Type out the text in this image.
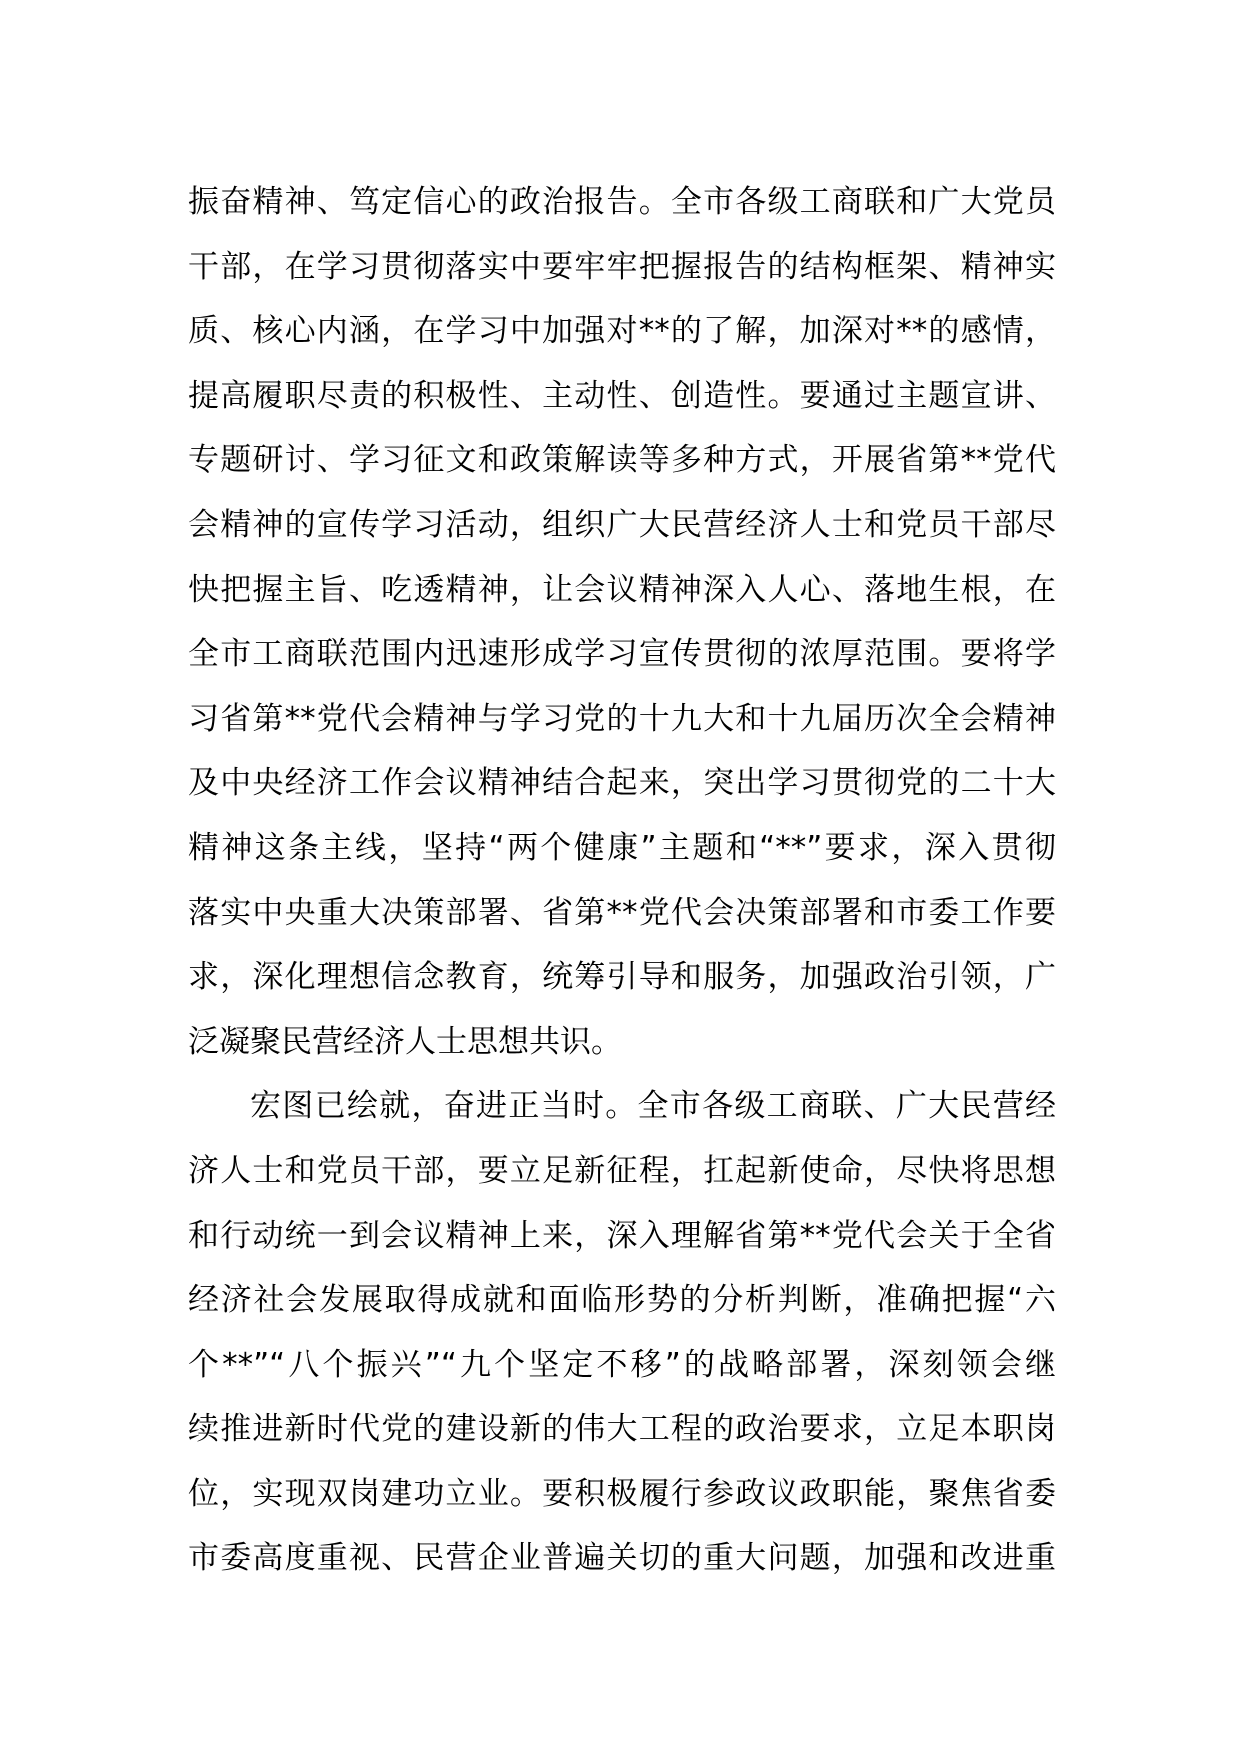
振奋精神、笃定信心的政治报告。全市各级工商联和广大党员
干部，在学习贯彻落实中要牢牢把握报告的结构框架、精神实
质、核心内涵，在学习中加强对**的了解，加深对**的感情，
提高履职尽责的积极性、主动性、创造性。要通过主题宣讲、
专题研讨、学习征文和政策解读等多种方式，开展省第**党代
会精神的宣传学习活动，组织广大民营经济人士和党员干部尽
快把握主旨、吃透精神，让会议精神深入人心、落地生根，在
全市工商联范围内迅速形成学习宣传贯彻的浓厚范围。要将学
习省第**党代会精神与学习党的十九大和十九届历次全会精神
及中央经济工作会议精神结合起来，突出学习贯彻党的二十大
精神这条主线，坚持“两个健康”主题和“**”要求，深入贯彻
落实中央重大决策部署、省第**党代会决策部署和市委工作要
求，深化理想信念教育，统筹引导和服务，加强政治引领，广
泛凝聚民营经济人士思想共识。
宏图已绘就，奋进正当时。全市各级工商联、广大民营经
济人士和党员干部，要立足新征程，扛起新使命，尽快将思想
和行动统一到会议精神上来，深入理解省第**党代会关于全省
经济社会发展取得成就和面临形势的分析判断，准确把握“六
个**”“八个振兴”“九个坚定不移”的战略部署，深刻领会继
续推进新时代党的建设新的伟大工程的政治要求，立足本职岗
位，实现双岗建功立业。要积极履行参政议政职能，聚焦省委
市委高度重视、民营企业普遍关切的重大问题，加强和改进重
